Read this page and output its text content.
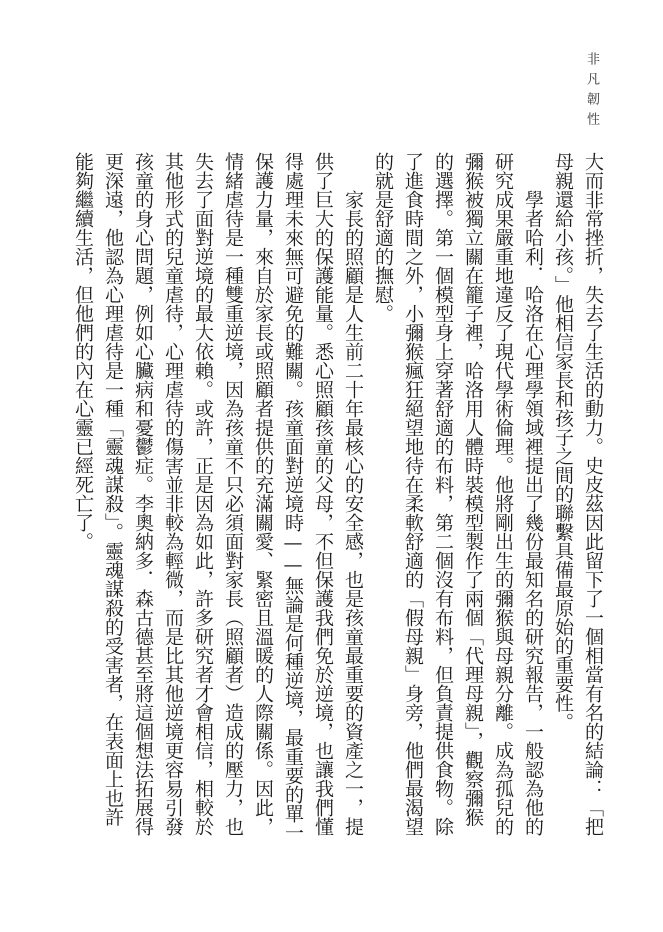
非凡韌性

大而非常挫折，失去了生活的動力。史皮茲因此留下了一個相當有名的結論：「把母親還給小孩。」他相信家長和孩子之間的聯繫具備最原始的重要性。

學者哈利．哈洛在心理學領域裡提出了幾份最知名的研究報告，一般認為他的研究成果嚴重地違反了現代學術倫理。他將剛出生的彌猴與母親分離。成為孤兒的彌猴被獨立關在籠子裡，哈洛用人體時裝模型製作了兩個「代理母親」，觀察彌猴的選擇。第一個模型身上穿著舒適的布料，第二個沒有布料，但負責提供食物。除了進食時間之外，小彌猴瘋狂絕望地待在柔軟舒適的「假母親」身旁，他們最渴望的就是舒適的撫慰。

家長的照顧是人生前二十年最核心的安全感，也是孩童最重要的資產之一，提供了巨大的保護能量。悉心照顧孩童的父母，不但保護我們免於逆境，也讓我們懂得處理未來無可避免的難關。孩童面對逆境時——無論是何種逆境，最重要的單一保護力量，來自於家長或照顧者提供的充滿關愛、緊密且溫暖的人際關係。因此，情緒虐待是一種雙重逆境，因為孩童不只必須面對家長（照顧者）造成的壓力，也失去了面對逆境的最大依賴。或許，正是因為如此，許多研究者才會相信，相較於其他形式的兒童虐待，心理虐待的傷害並非較為輕微，而是比其他逆境更容易引發孩童的身心問題，例如心臟病和憂鬱症。李奧納多．森古德甚至將這個想法拓展得更深遠，他認為心理虐待是一種「靈魂謀殺」。靈魂謀殺的受害者，在表面上也許能夠繼續生活，但他們的內在心靈已經死亡了。
